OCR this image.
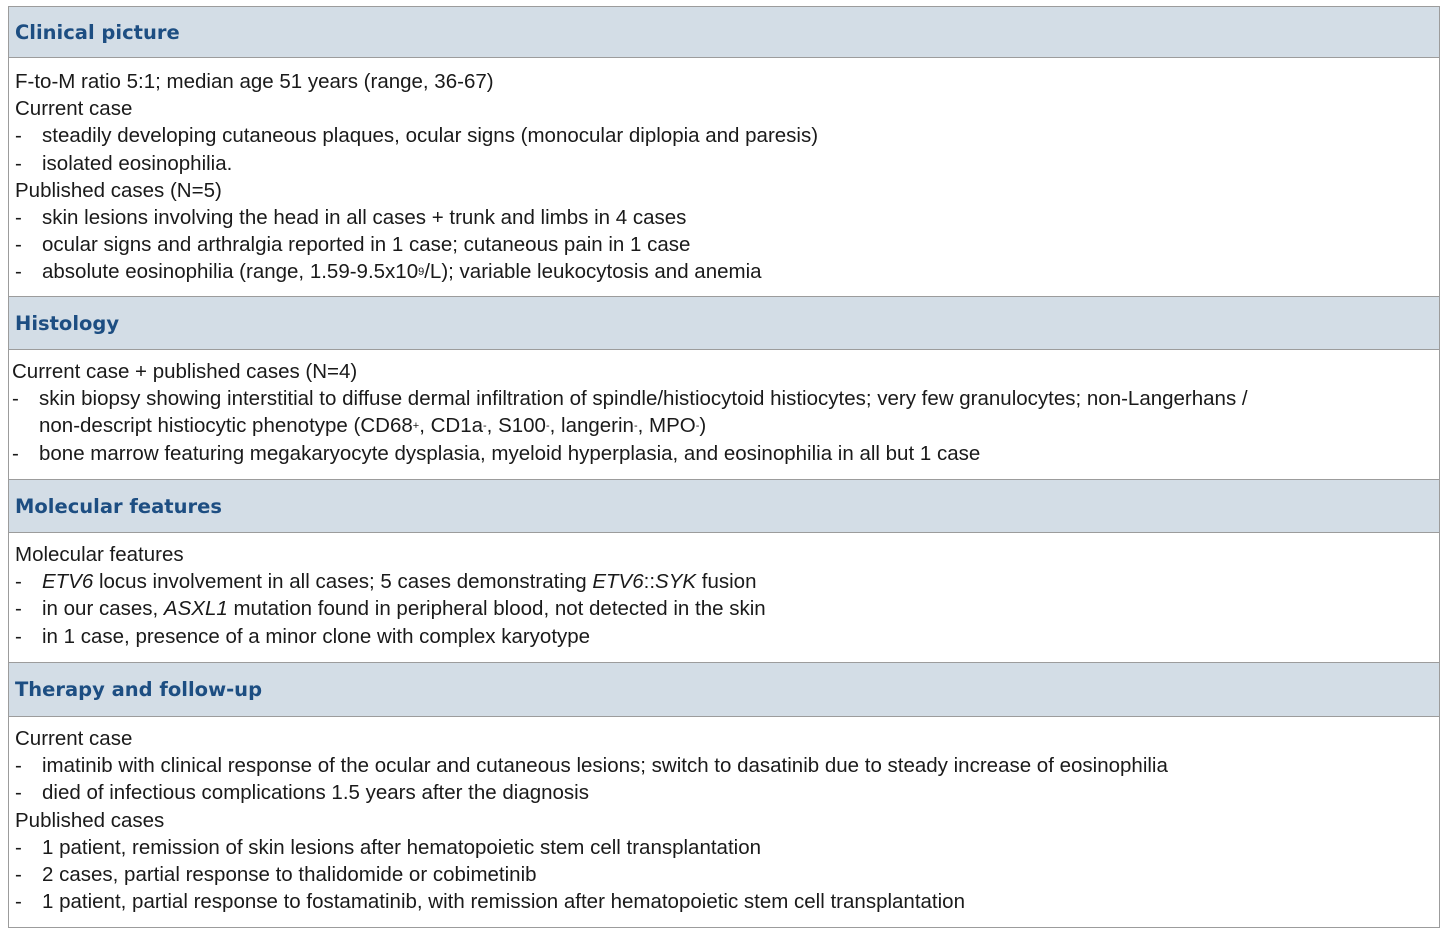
Clinical picture
F-to-M ratio 5:1; median age 51 years (range, 36-67)
Current case
- steadily developing cutaneous plaques, ocular signs (monocular diplopia and paresis)
- isolated eosinophilia.
Published cases (N=5)
- skin lesions involving the head in all cases + trunk and limbs in 4 cases
- ocular signs and arthralgia reported in 1 case; cutaneous pain in 1 case
- absolute eosinophilia (range, $1.59-9.5x10^9/L$); variable leukocytosis and anemia
Histology
Current case + published cases (N=4)
- skin biopsy showing interstitial to diffuse dermal infiltration of spindle/histiocytoid histiocytes; very few granulocytes; non-Langerhans /
non-descript histiocytic phenotype (CD68+, CD1a-, S100-, langerin-, MPO-)
- bone marrow featuring megakaryocyte dysplasia, myeloid hyperplasia, and eosinophilia in all but 1 case
Molecular features
Molecular features
- ETV6 locus involvement in all cases; 5 cases demonstrating ETV6::SYK fusion
- in our cases, ASXL1 mutation found in peripheral blood, not detected in the skin
- in 1 case, presence of a minor clone with complex karyotype
Therapy and follow-up
Current case
- imatinib with clinical response of the ocular and cutaneous lesions; switch to dasatinib due to steady increase of eosinophilia
- died of infectious complications 1.5 years after the diagnosis
Published cases
- 1 patient, remission of skin lesions after hematopoietic stem cell transplantation
- 2 cases, partial response to thalidomide or cobimetinib
- 1 patient, partial response to fostamatinib, with remission after hematopoietic stem cell transplantation
